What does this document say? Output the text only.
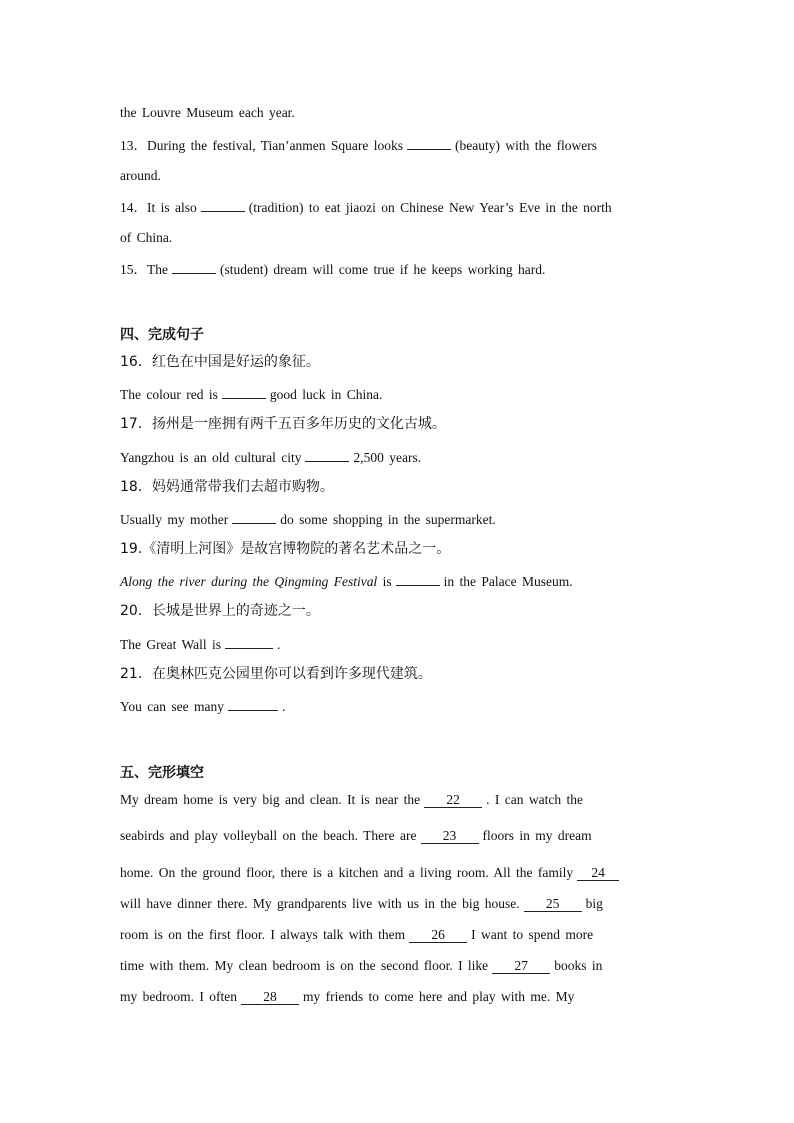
the Louvre Museum each year.
13．During the festival, Tian’anmen Square looks	(beauty) with the flowers
around.
14．It is also	(tradition) to eat jiaozi on Chinese New Year’s Eve in the north
of China.
15．The	(student) dream will come true if he keeps working hard.
四、完成句子
16．红色在中国是好运的象征。
The colour red is	good luck in China.
17．扬州是一座拥有两千五百多年历史的文化古城。
Yangzhou is an old cultural city	2,500 years.
18．妈妈通常带我们去超市购物。
Usually my mother	do some shopping in the supermarket.
19.《清明上河图》是故宫博物院的著名艺术品之一。
Along the river during the Qingming Festival is	in the Palace Museum.
20．长城是世界上的奇迹之一。
The Great Wall is	.
21．在奥林匹克公园里你可以看到许多现代建筑。
You can see many	.
五、完形填空
My dream home is very big and clean. It is near the 22 . I can watch the
seabirds and play volleyball on the beach. There are 23 floors in my dream
home. On the ground floor, there is a kitchen and a living room. All the family 24
will have dinner there. My grandparents live with us in the big house. 25 big
room is on the first floor. I always talk with them 26 I want to spend more
time with them. My clean bedroom is on the second floor. I like 27 books in
my bedroom. I often 28 my friends to come here and play with me. My
